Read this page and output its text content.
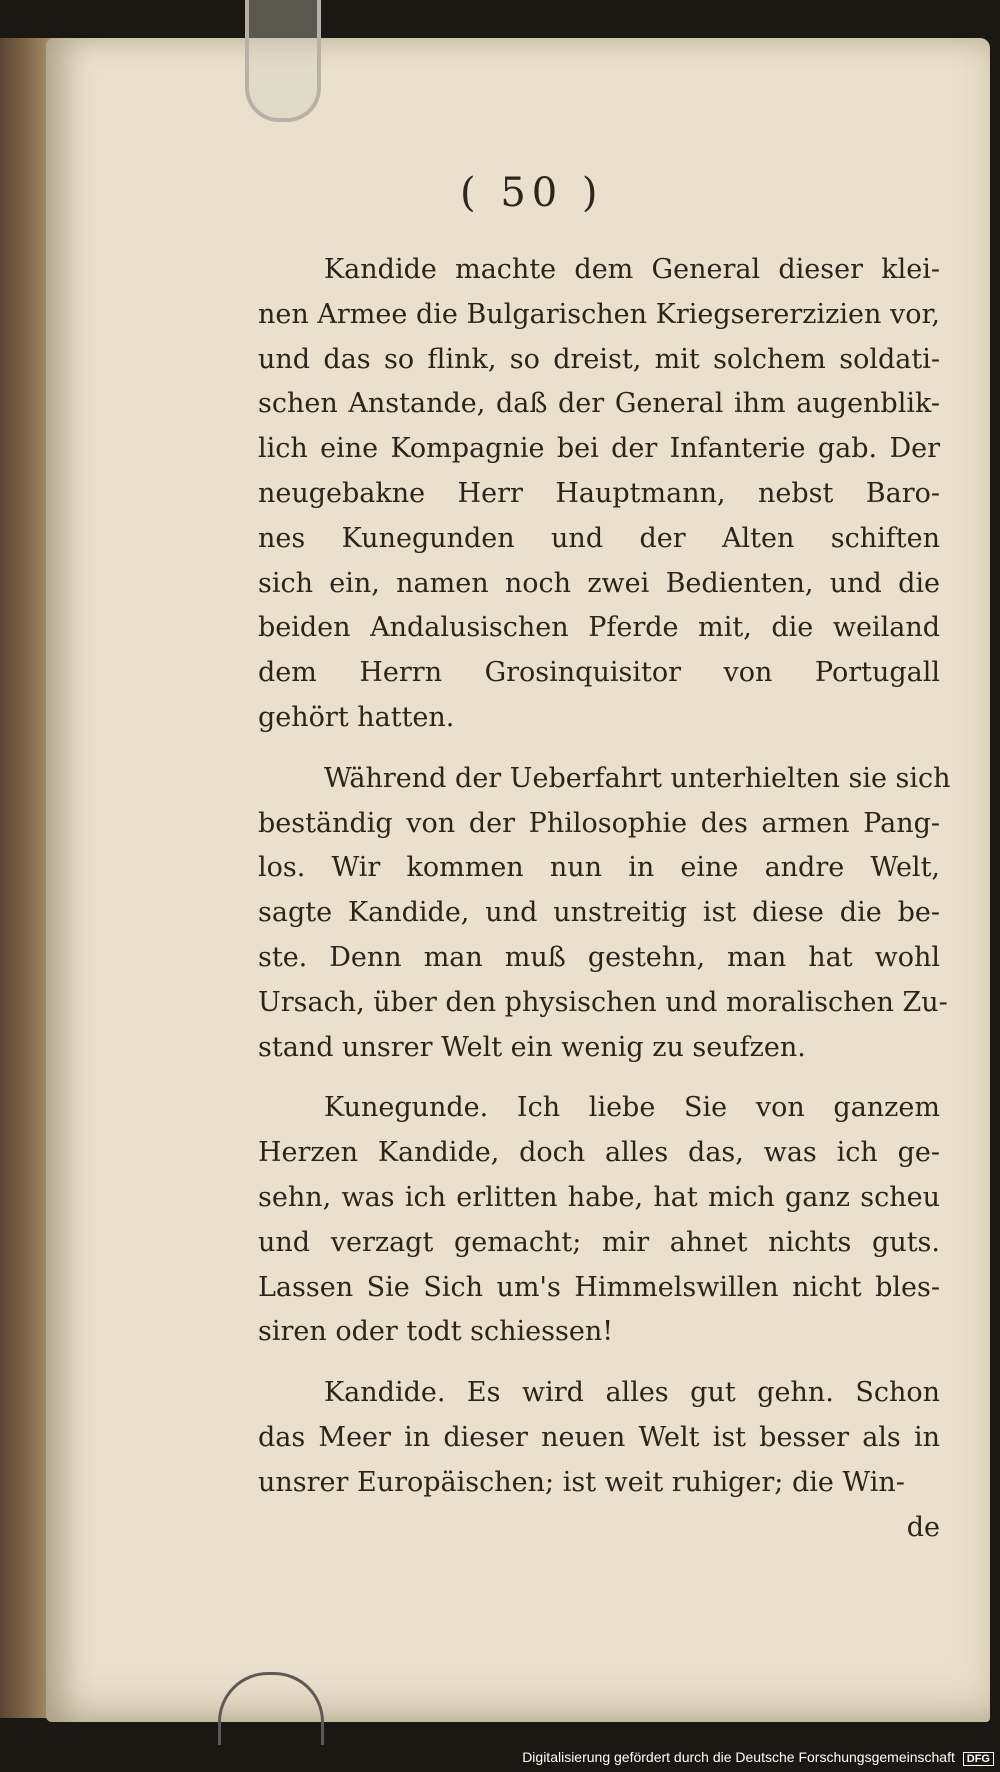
( 50 )
Kandide machte dem General dieser klei-
nen Armee die Bulgarischen Kriegsererzizien vor,
und das so flink, so dreist, mit solchem soldati-
schen Anstande, daß der General ihm augenblik-
lich eine Kompagnie bei der Infanterie gab. Der
neugebakne Herr Hauptmann, nebst Baro-
nes Kunegunden und der Alten schiften
sich ein, namen noch zwei Bedienten, und die
beiden Andalusischen Pferde mit, die weiland
dem Herrn Grosinquisitor von Portugall
gehört hatten.
Während der Ueberfahrt unterhielten sie sich
beständig von der Philosophie des armen Pang-
los. Wir kommen nun in eine andre Welt,
sagte Kandide, und unstreitig ist diese die be-
ste. Denn man muß gestehn, man hat wohl
Ursach, über den physischen und moralischen Zu-
stand unsrer Welt ein wenig zu seufzen.
Kunegunde. Ich liebe Sie von ganzem
Herzen Kandide, doch alles das, was ich ge-
sehn, was ich erlitten habe, hat mich ganz scheu
und verzagt gemacht; mir ahnet nichts guts.
Lassen Sie Sich um's Himmelswillen nicht bles-
siren oder todt schiessen!
Kandide. Es wird alles gut gehn. Schon
das Meer in dieser neuen Welt ist besser als in
unsrer Europäischen; ist weit ruhiger; die Win-
de
Digitalisierung gefördert durch die Deutsche Forschungsgemeinschaft DFG
